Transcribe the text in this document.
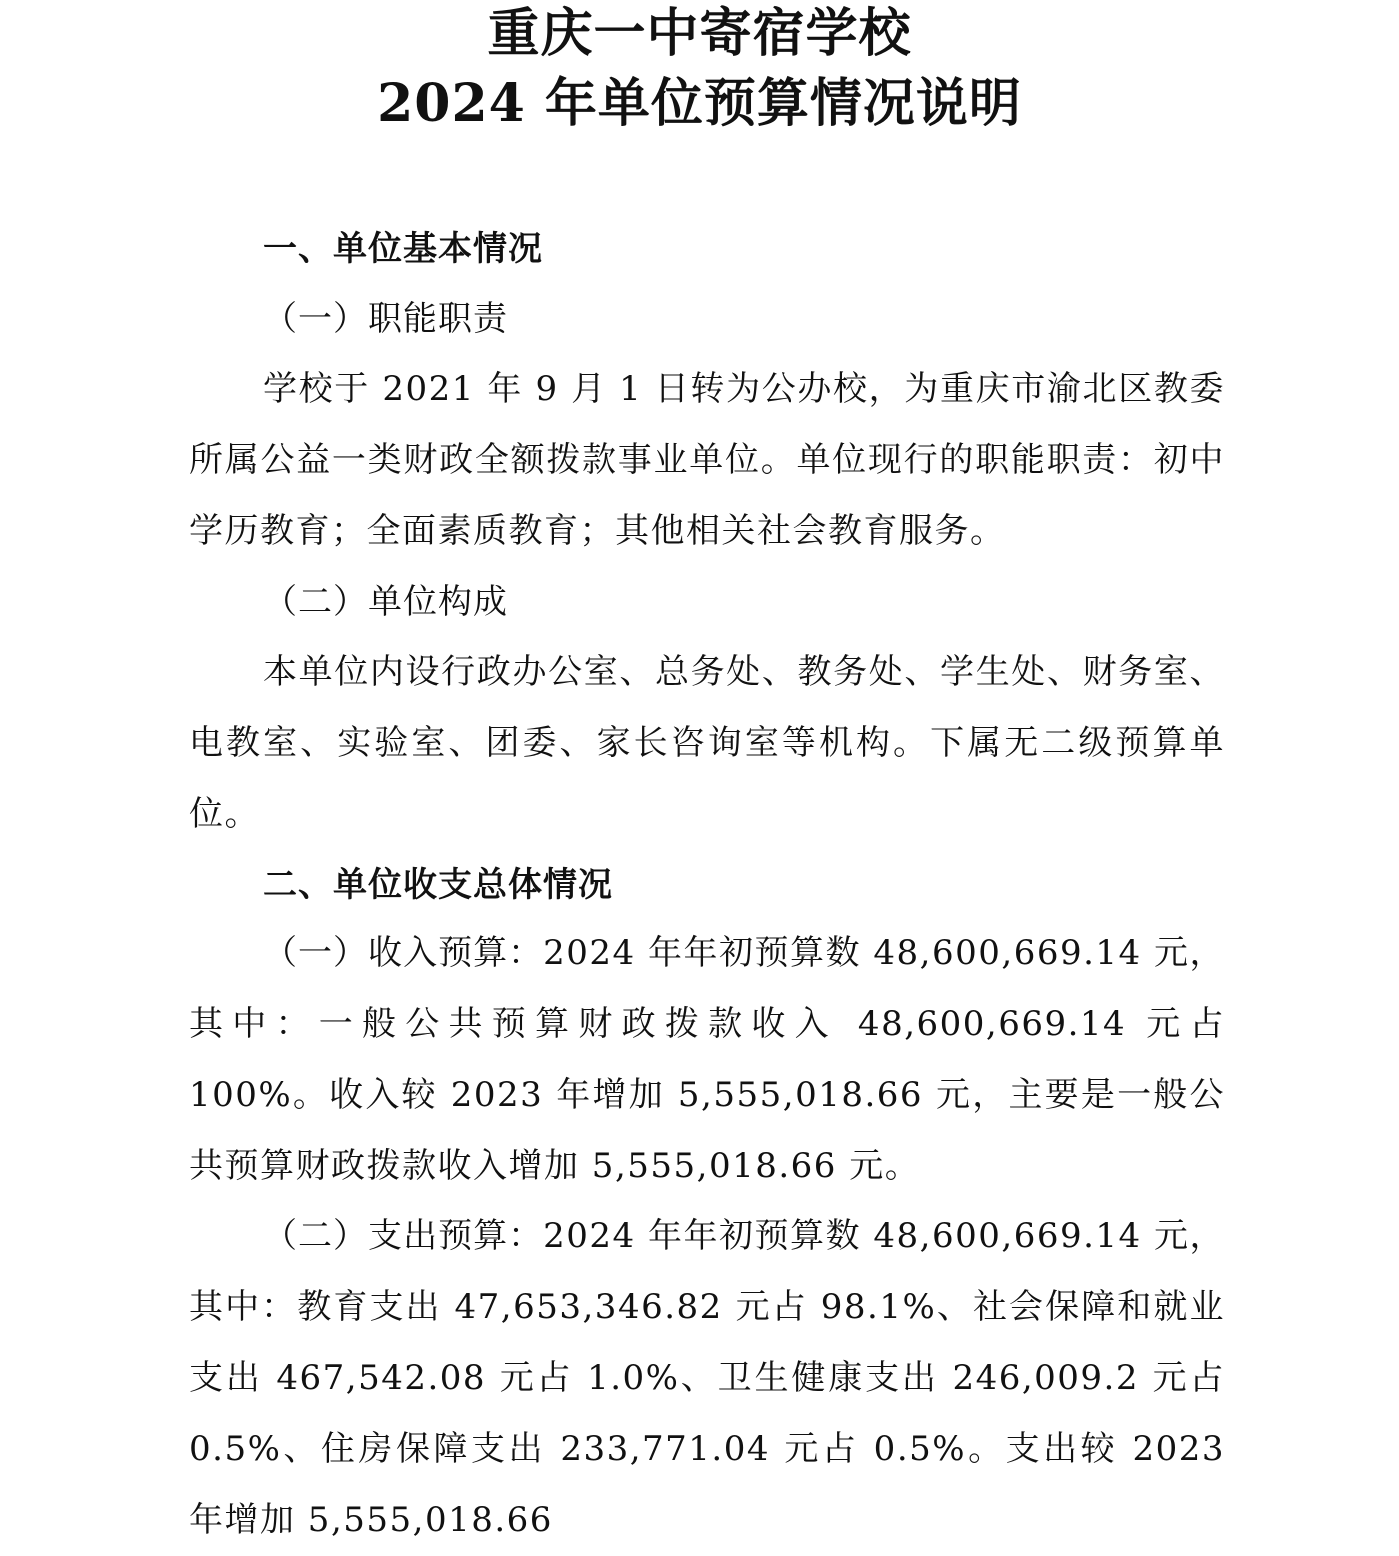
重庆一中寄宿学校
2024 年单位预算情况说明
一、单位基本情况
（一）职能职责

学校于 2021 年 9 月 1 日转为公办校，为重庆市渝北区教委所属公益一类财政全额拨款事业单位。单位现行的职能职责：初中学历教育；全面素质教育；其他相关社会教育服务。

（二）单位构成

本单位内设行政办公室、总务处、教务处、学生处、财务室、电教室、实验室、团委、家长咨询室等机构。下属无二级预算单位。

二、单位收支总体情况

（一）收入预算：2024 年年初预算数 48,600,669.14 元，其中：一般公共预算财政拨款收入 48,600,669.14 元占 100%。收入较 2023 年增加 5,555,018.66 元，主要是一般公共预算财政拨款收入增加 5,555,018.66 元。

（二）支出预算：2024 年年初预算数 48,600,669.14 元，其中：教育支出 47,653,346.82 元占 98.1%、社会保障和就业支出 467,542.08 元占 1.0%、卫生健康支出 246,009.2 元占 0.5%、住房保障支出 233,771.04 元占 0.5%。支出较 2023 年增加 5,555,018.66
